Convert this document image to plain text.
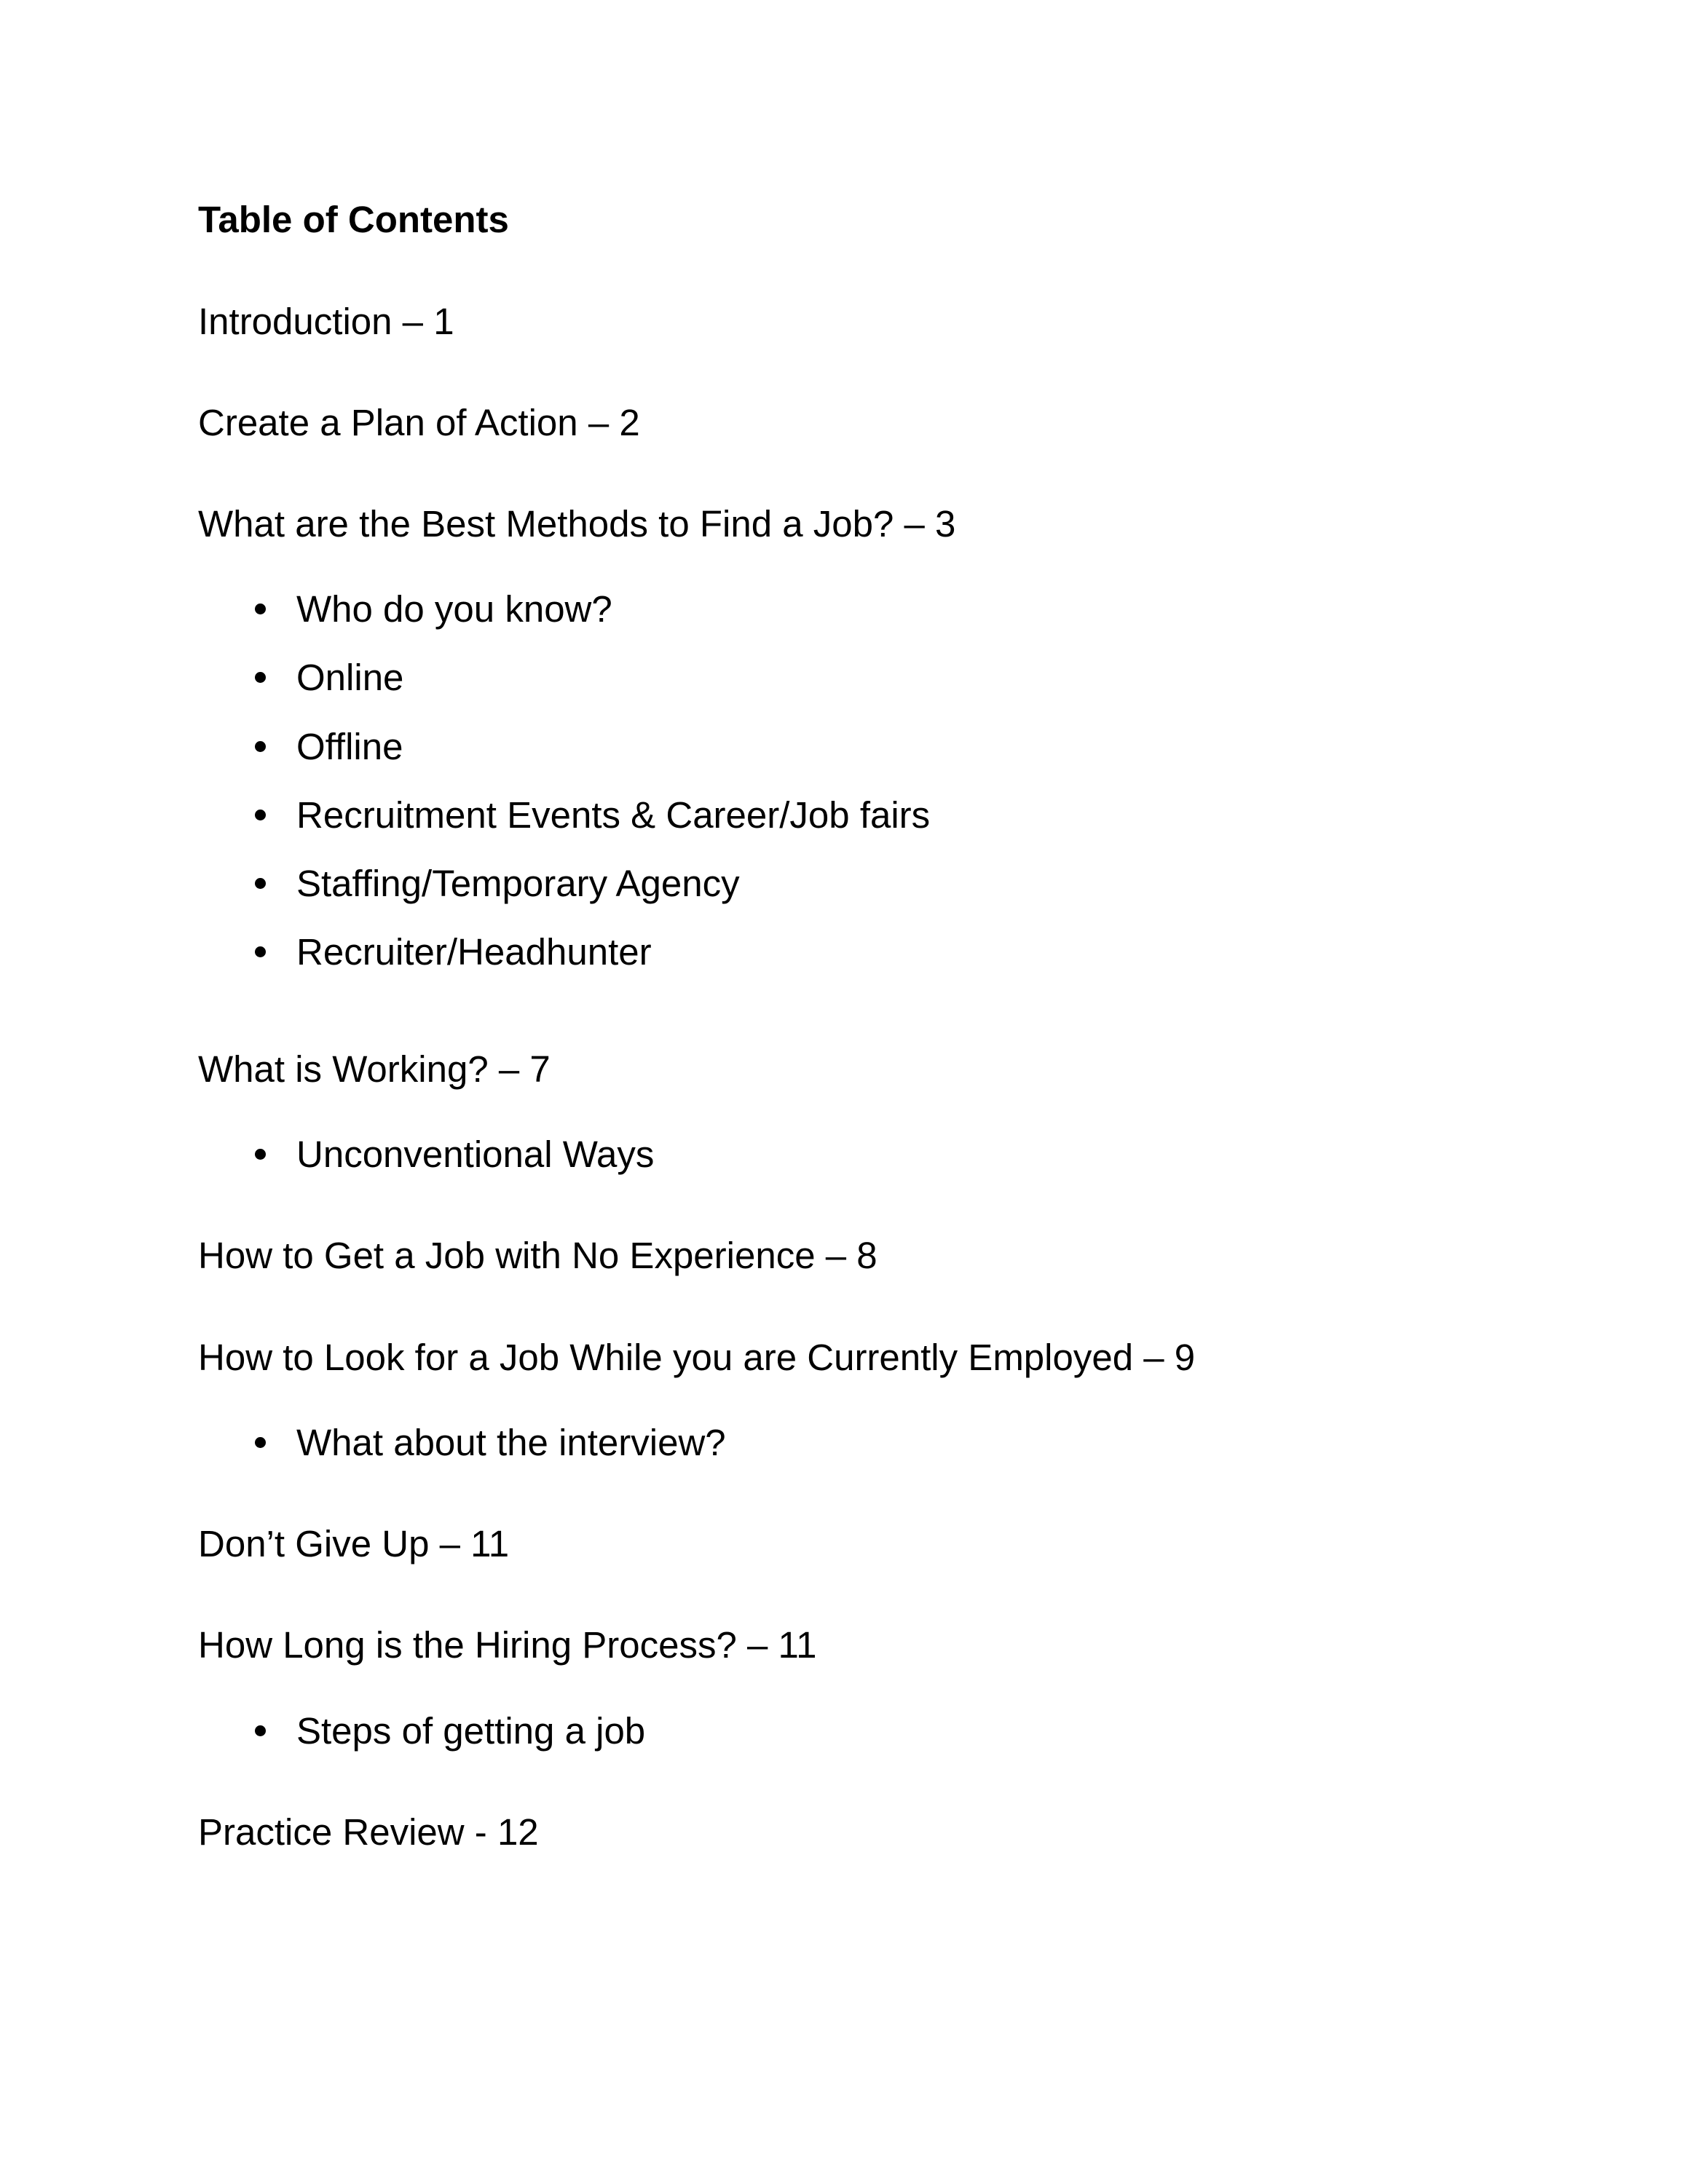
Table of Contents
Introduction – 1
Create a Plan of Action – 2
What are the Best Methods to Find a Job? – 3
Who do you know?
Online
Offline
Recruitment Events & Career/Job fairs
Staffing/Temporary Agency
Recruiter/Headhunter
What is Working? – 7
Unconventional Ways
How to Get a Job with No Experience – 8
How to Look for a Job While you are Currently Employed – 9
What about the interview?
Don’t Give Up – 11
How Long is the Hiring Process? – 11
Steps of getting a job
Practice Review - 12
